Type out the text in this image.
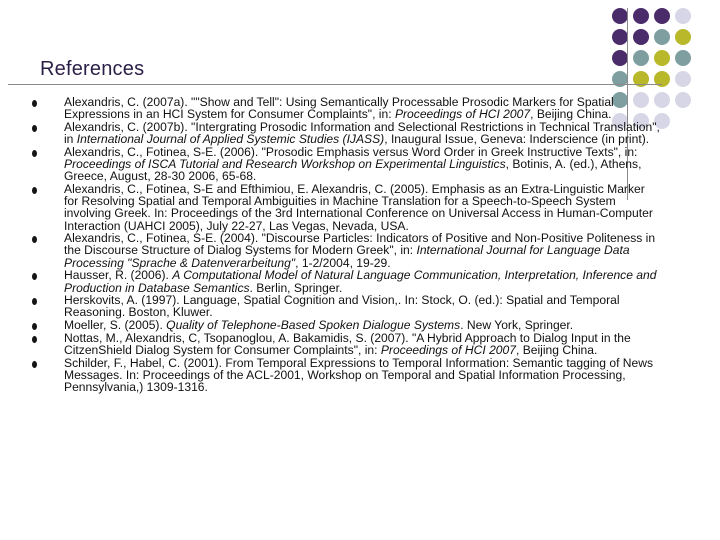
References
Alexandris, C. (2007a). ""Show and Tell": Using Semantically Processable Prosodic Markers for Spatial Expressions in an HCI System for Consumer Complaints", in: Proceedings of HCI 2007, Beijing China.
Alexandris, C. (2007b). "Intergrating Prosodic Information and Selectional Restrictions in Technical Translation", in International Journal of Applied Systemic Studies (IJASS), Inaugural Issue, Geneva: Inderscience (in print).
Alexandris, C., Fotinea, S-E. (2006). "Prosodic Emphasis versus Word Order in Greek Instructive Texts", in: Proceedings of ISCA Tutorial and Research Workshop on Experimental Linguistics, Botinis, A. (ed.), Athens, Greece, August, 28-30 2006, 65-68.
Alexandris, C., Fotinea, S-E and Efthimiou, E. Alexandris, C. (2005). Emphasis as an Extra-Linguistic Marker for Resolving Spatial and Temporal Ambiguities in Machine Translation for a Speech-to-Speech System involving Greek. In: Proceedings of the 3rd International Conference on Universal Access in Human-Computer Interaction (UAHCI 2005), July 22-27, Las Vegas, Nevada, USA.
Alexandris, C., Fotinea, S-E. (2004). "Discourse Particles: Indicators of Positive and Non-Positive Politeness in the Discourse Structure of Dialog Systems for Modern Greek", in: International Journal for Language Data Processing "Sprache & Datenverarbeitung", 1-2/2004, 19-29.
Hausser, R. (2006). A Computational Model of Natural Language Communication, Interpretation, Inference and Production in Database Semantics. Berlin, Springer.
Herskovits, A. (1997). Language, Spatial Cognition and Vision,. In: Stock, O. (ed.): Spatial and Temporal Reasoning. Boston, Kluwer.
Moeller, S. (2005). Quality of Telephone-Based Spoken Dialogue Systems. New York, Springer.
Nottas, M., Alexandris, C, Tsopanoglou, A. Bakamidis, S. (2007). "A Hybrid Approach to Dialog Input in the CitzenShield Dialog System for Consumer Complaints", in: Proceedings of HCI 2007, Beijing China.
Schilder, F., Habel, C. (2001). From Temporal Expressions to Temporal Information: Semantic tagging of News Messages. In: Proceedings of the ACL-2001, Workshop on Temporal and Spatial Information Processing, Pennsylvania,) 1309-1316.
